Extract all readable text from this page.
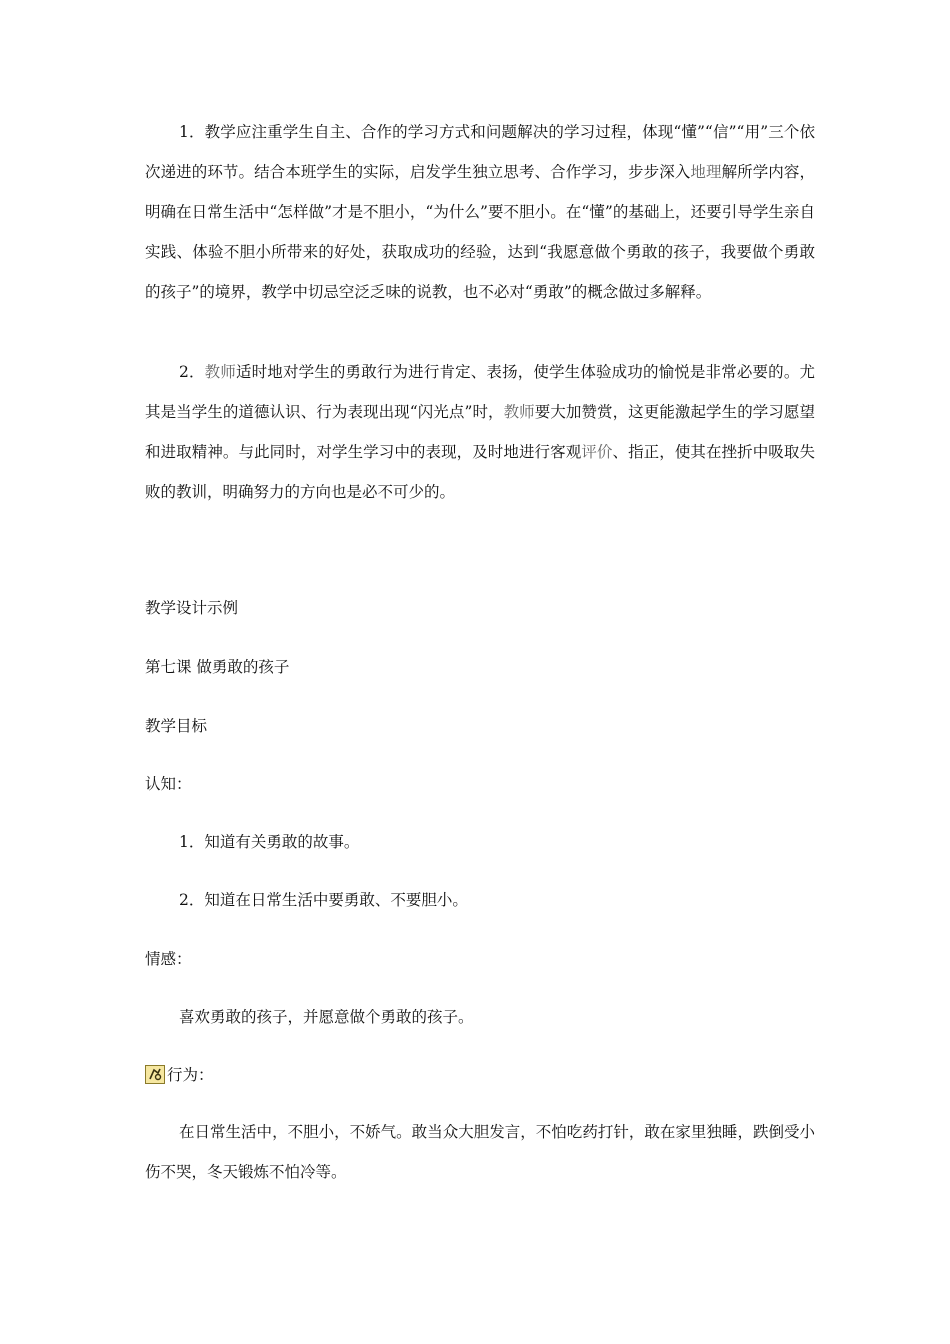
1．教学应注重学生自主、合作的学习方式和问题解决的学习过程，体现“懂”“信”“用”三个依次递进的环节。结合本班学生的实际，启发学生独立思考、合作学习，步步深入地理解所学内容，明确在日常生活中“怎样做”才是不胆小，“为什么”要不胆小。在“懂”的基础上，还要引导学生亲自实践、体验不胆小所带来的好处，获取成功的经验，达到“我愿意做个勇敢的孩子，我要做个勇敢的孩子”的境界，教学中切忌空泛乏味的说教，也不必对“勇敢”的概念做过多解释。

2．教师适时地对学生的勇敢行为进行肯定、表扬，使学生体验成功的愉悦是非常必要的。尤其是当学生的道德认识、行为表现出现“闪光点”时，教师要大加赞赏，这更能激起学生的学习愿望和进取精神。与此同时，对学生学习中的表现，及时地进行客观评价、指正，使其在挫折中吸取失败的教训，明确努力的方向也是必不可少的。

教学设计示例

第七课 做勇敢的孩子

教学目标

认知：

1．知道有关勇敢的故事。

2．知道在日常生活中要勇敢、不要胆小。

情感：

喜欢勇敢的孩子，并愿意做个勇敢的孩子。

行为：

在日常生活中，不胆小，不娇气。敢当众大胆发言，不怕吃药打针，敢在家里独睡，跌倒受小伤不哭，冬天锻炼不怕冷等。
